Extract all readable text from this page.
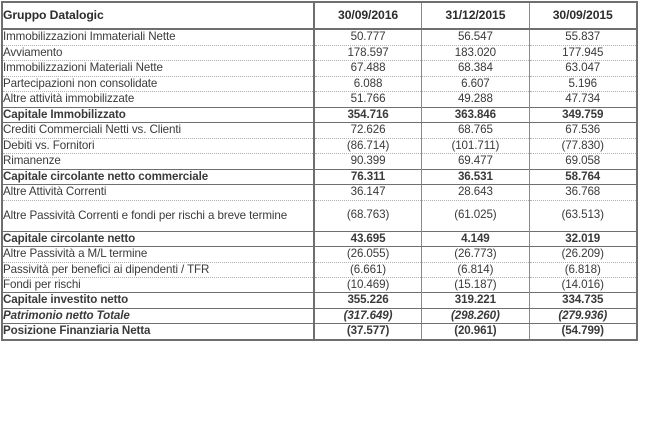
Gruppo Datalogic	30/09/2016	31/12/2015	30/09/2015
Immobilizzazioni Immateriali Nette	50.777	56.547	55.837
Avviamento	178.597	183.020	177.945
Immobilizzazioni Materiali Nette	67.488	68.384	63.047
Partecipazioni non consolidate	6.088	6.607	5.196
Altre attività immobilizzate	51.766	49.288	47.734
Capitale Immobilizzato	354.716	363.846	349.759
Crediti Commerciali Netti vs. Clienti	72.626	68.765	67.536
Debiti vs. Fornitori	(86.714)	(101.711)	(77.830)
Rimanenze	90.399	69.477	69.058
Capitale circolante netto commerciale	76.311	36.531	58.764
Altre Attività Correnti	36.147	28.643	36.768
Altre Passività Correnti e fondi per rischi a breve termine	(68.763)	(61.025)	(63.513)
Capitale circolante netto	43.695	4.149	32.019
Altre Passività a M/L termine	(26.055)	(26.773)	(26.209)
Passività per benefici ai dipendenti / TFR	(6.661)	(6.814)	(6.818)
Fondi per rischi	(10.469)	(15.187)	(14.016)
Capitale investito netto	355.226	319.221	334.735
Patrimonio netto Totale	(317.649)	(298.260)	(279.936)
Posizione Finanziaria Netta	(37.577)	(20.961)	(54.799)
